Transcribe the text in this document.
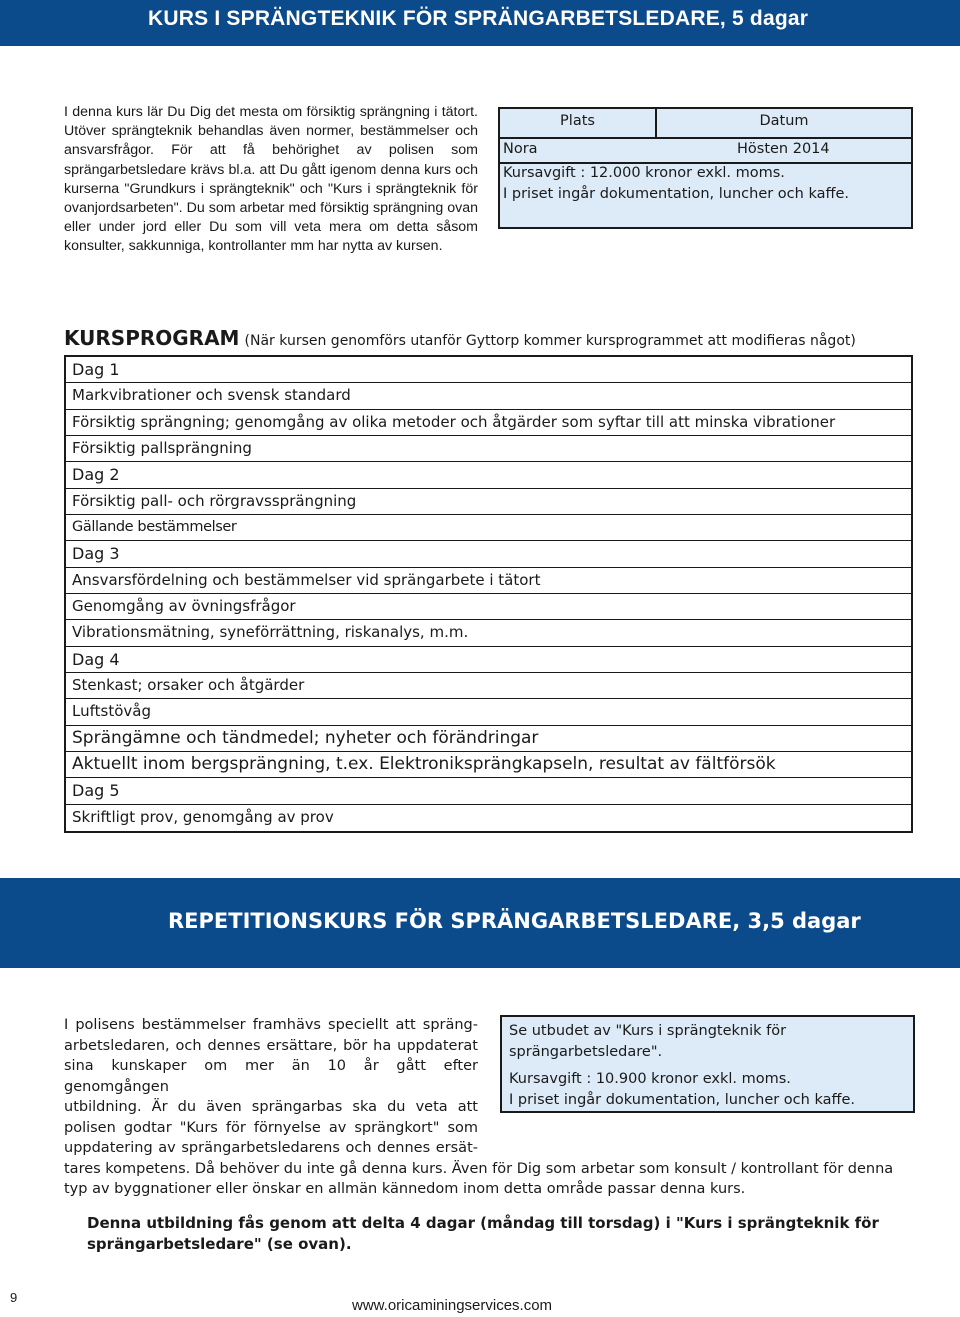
KURS I SPRÄNGTEKNIK FÖR SPRÄNGARBETSLEDARE, 5 dagar

I denna kurs lär Du Dig det mesta om försiktig sprängning i tätort. Utöver sprängteknik behandlas även normer, bestämmelser och ansvarsfrågor. För att få behörighet av polisen som sprängarbetsledare krävs bl.a. att Du gått igenom denna kurs och kurserna "Grundkurs i sprängteknik" och "Kurs i sprängteknik för ovanjordsarbeten". Du som arbetar med försiktig sprängning ovan eller under jord eller Du som vill veta mera om detta såsom konsulter, sakkunniga, kontrollanter mm har nytta av kursen.

Plats	Datum
Nora	Hösten 2014
Kursavgift : 12.000 kronor exkl. moms.
I priset ingår dokumentation, luncher och kaffe.
KURSPROGRAM (När kursen genomförs utanför Gyttorp kommer kursprogrammet att modifieras något)
Dag 1
Markvibrationer och svensk standard
Försiktig sprängning; genomgång av olika metoder och åtgärder som syftar till att minska vibrationer
Försiktig pallsprängning
Dag 2
Försiktig pall- och rörgravssprängning
Gällande bestämmelser
Dag 3
Ansvarsfördelning och bestämmelser vid sprängarbete i tätort
Genomgång av övningsfrågor
Vibrationsmätning, syneförrättning, riskanalys, m.m.
Dag 4
Stenkast; orsaker och åtgärder
Luftstövåg
Sprängämne och tändmedel; nyheter och förändringar
Aktuellt inom bergsprängning, t.ex. Elektroniksprängkapseln, resultat av fältförsök
Dag 5
Skriftligt prov, genomgång av prov
REPETITIONSKURS FÖR SPRÄNGARBETSLEDARE, 3,5 dagar
I polisens bestämmelser framhävs speciellt att spräng-
arbetsledaren, och dennes ersättare, bör ha uppdaterat
sina kunskaper om mer än 10 år gått efter genomgången
utbildning. Är du även sprängarbas ska du veta att
polisen godtar "Kurs för förnyelse av sprängkort" som
uppdatering av sprängarbetsledarens och dennes ersät-
tares kompetens. Då behöver du inte gå denna kurs. Även för Dig som arbetar som konsult / kontrollant för denna
typ av byggnationer eller önskar en allmän kännedom inom detta område passar denna kurs.

Se utbudet av "Kurs i sprängteknik för sprängarbetsledare".

Kursavgift : 10.900 kronor exkl. moms.

I priset ingår dokumentation, luncher och kaffe.

Denna utbildning fås genom att delta 4 dagar (måndag till torsdag) i "Kurs i sprängteknik för sprängarbetsledare" (se ovan).

9	www.oricaminingservices.com
